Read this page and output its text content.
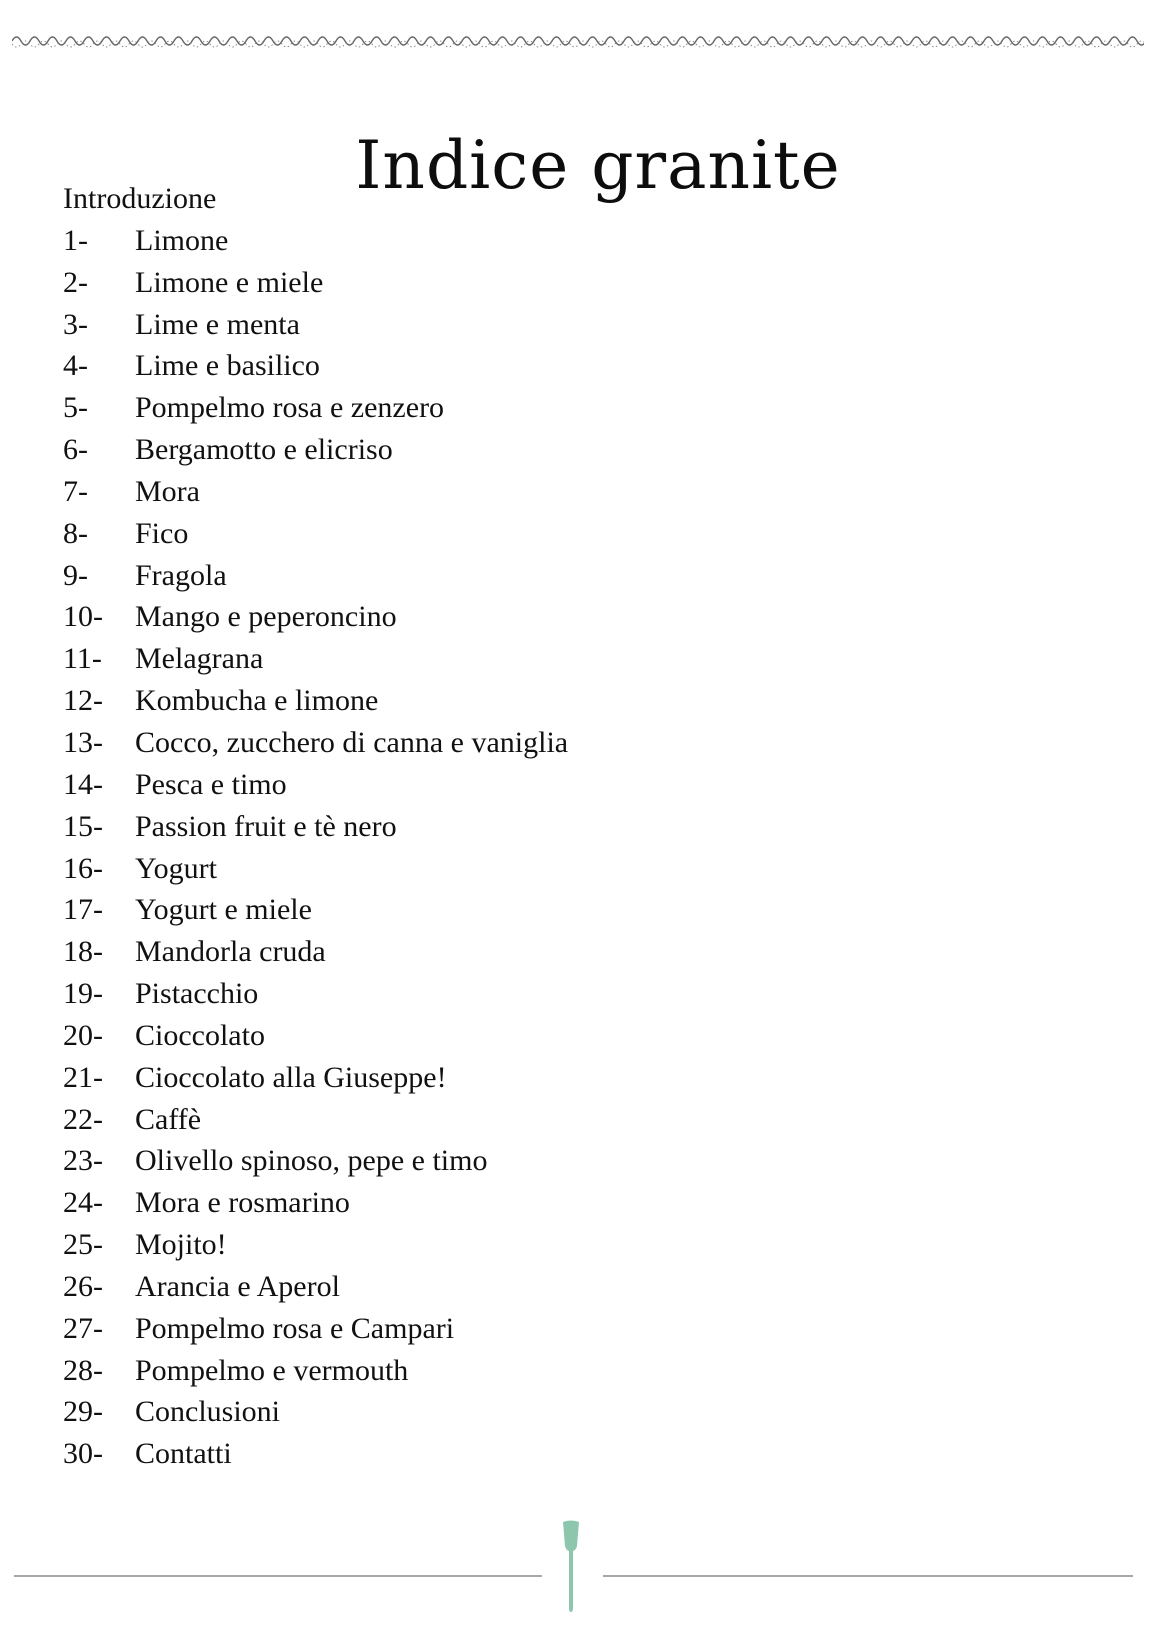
Indice granite
Introduzione
1-	Limone
2-	Limone e miele
3-	Lime e menta
4-	Lime e basilico
5-	Pompelmo rosa e zenzero
6-	Bergamotto e elicriso
7-	Mora
8-	Fico
9-	Fragola
10-	Mango e peperoncino
11-	Melagrana
12-	Kombucha e limone
13-	Cocco, zucchero di canna e vaniglia
14-	Pesca e timo
15-	Passion fruit e tè nero
16-	Yogurt
17-	Yogurt e miele
18-	Mandorla cruda
19-	Pistacchio
20-	Cioccolato
21-	Cioccolato alla Giuseppe!
22-	Caffè
23-	Olivello spinoso, pepe e timo
24-	Mora e rosmarino
25-	Mojito!
26-	Arancia e Aperol
27-	Pompelmo rosa e Campari
28-	Pompelmo e vermouth
29-	Conclusioni
30-	Contatti
